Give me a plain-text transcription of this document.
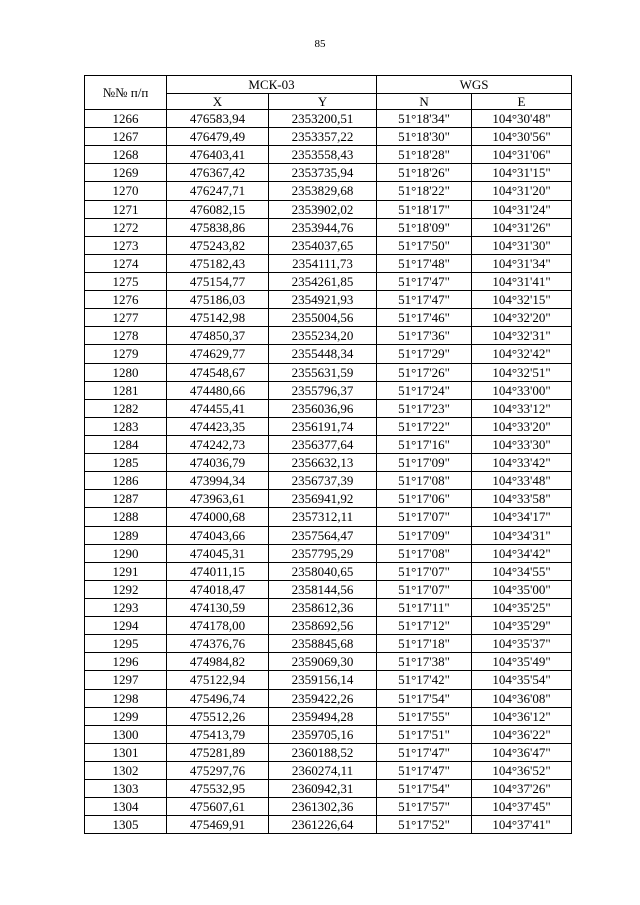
85
№№ п/п	МСК-03		WGS	
	X	Y	N	E
1266	476583,94	2353200,51	51°18'34"	104°30'48"
1267	476479,49	2353357,22	51°18'30"	104°30'56"
1268	476403,41	2353558,43	51°18'28"	104°31'06"
1269	476367,42	2353735,94	51°18'26"	104°31'15"
1270	476247,71	2353829,68	51°18'22"	104°31'20"
1271	476082,15	2353902,02	51°18'17"	104°31'24"
1272	475838,86	2353944,76	51°18'09"	104°31'26"
1273	475243,82	2354037,65	51°17'50"	104°31'30"
1274	475182,43	2354111,73	51°17'48"	104°31'34"
1275	475154,77	2354261,85	51°17'47"	104°31'41"
1276	475186,03	2354921,93	51°17'47"	104°32'15"
1277	475142,98	2355004,56	51°17'46"	104°32'20"
1278	474850,37	2355234,20	51°17'36"	104°32'31"
1279	474629,77	2355448,34	51°17'29"	104°32'42"
1280	474548,67	2355631,59	51°17'26"	104°32'51"
1281	474480,66	2355796,37	51°17'24"	104°33'00"
1282	474455,41	2356036,96	51°17'23"	104°33'12"
1283	474423,35	2356191,74	51°17'22"	104°33'20"
1284	474242,73	2356377,64	51°17'16"	104°33'30"
1285	474036,79	2356632,13	51°17'09"	104°33'42"
1286	473994,34	2356737,39	51°17'08"	104°33'48"
1287	473963,61	2356941,92	51°17'06"	104°33'58"
1288	474000,68	2357312,11	51°17'07"	104°34'17"
1289	474043,66	2357564,47	51°17'09"	104°34'31"
1290	474045,31	2357795,29	51°17'08"	104°34'42"
1291	474011,15	2358040,65	51°17'07"	104°34'55"
1292	474018,47	2358144,56	51°17'07"	104°35'00"
1293	474130,59	2358612,36	51°17'11"	104°35'25"
1294	474178,00	2358692,56	51°17'12"	104°35'29"
1295	474376,76	2358845,68	51°17'18"	104°35'37"
1296	474984,82	2359069,30	51°17'38"	104°35'49"
1297	475122,94	2359156,14	51°17'42"	104°35'54"
1298	475496,74	2359422,26	51°17'54"	104°36'08"
1299	475512,26	2359494,28	51°17'55"	104°36'12"
1300	475413,79	2359705,16	51°17'51"	104°36'22"
1301	475281,89	2360188,52	51°17'47"	104°36'47"
1302	475297,76	2360274,11	51°17'47"	104°36'52"
1303	475532,95	2360942,31	51°17'54"	104°37'26"
1304	475607,61	2361302,36	51°17'57"	104°37'45"
1305	475469,91	2361226,64	51°17'52"	104°37'41"
